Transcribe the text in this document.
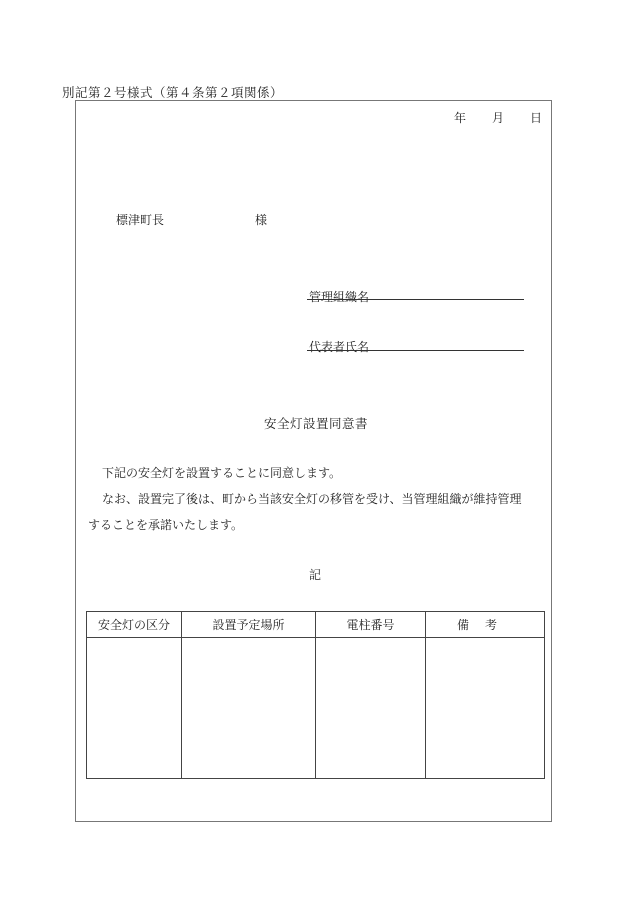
別記第２号様式（第４条第２項関係）
年 月 日
標津町長	様
管理組織名
代表者氏名
安全灯設置同意書
下記の安全灯を設置することに同意します。
なお、設置完了後は、町から当該安全灯の移管を受け、当管理組織が維持管理
することを承諾いたします。
記
安全灯の区分	設置予定場所	電柱番号	備考
